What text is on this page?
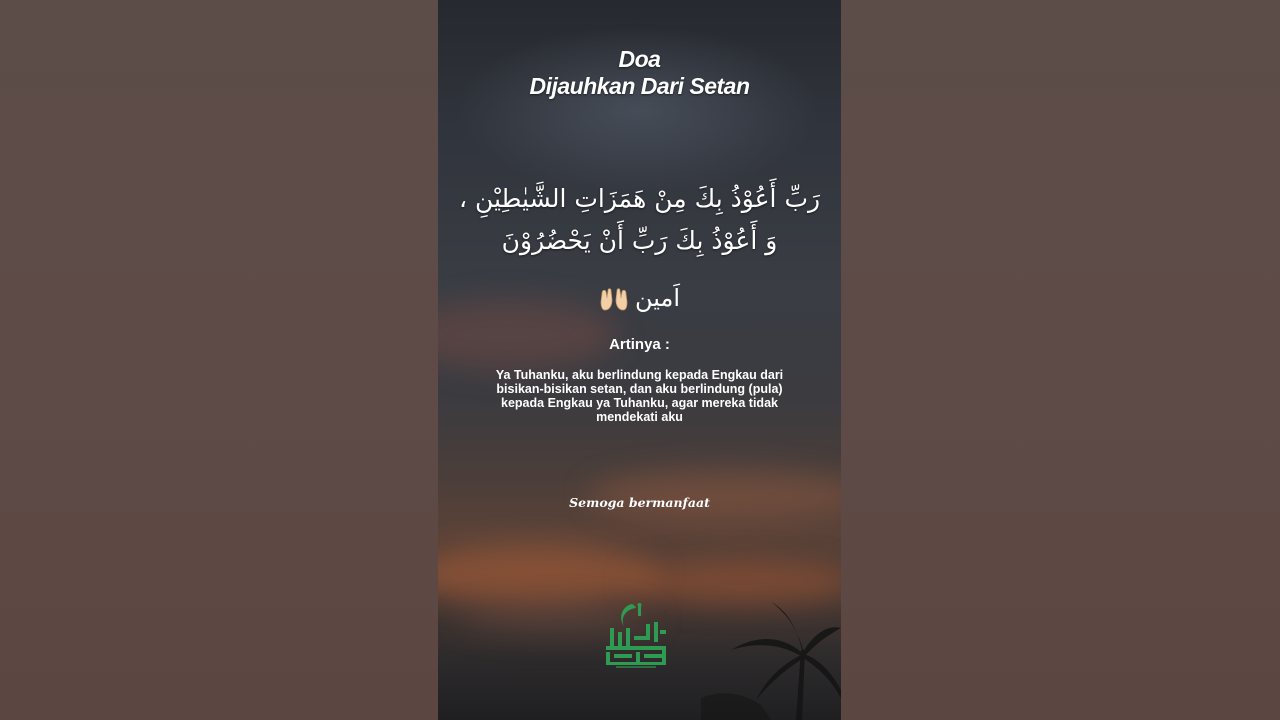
Doa
Dijauhkan Dari Setan
رَبِّ أَعُوْذُ بِكَ مِنْ هَمَزَاتِ الشَّيٰطِيْنِ ،
وَ أَعُوْذُ بِكَ رَبِّ أَنْ يَحْضُرُوْنَ
اَمين
Artinya :
Ya Tuhanku, aku berlindung kepada Engkau dari bisikan-bisikan setan, dan aku berlindung (pula) kepada Engkau ya Tuhanku, agar mereka tidak mendekati aku
Semoga bermanfaat
